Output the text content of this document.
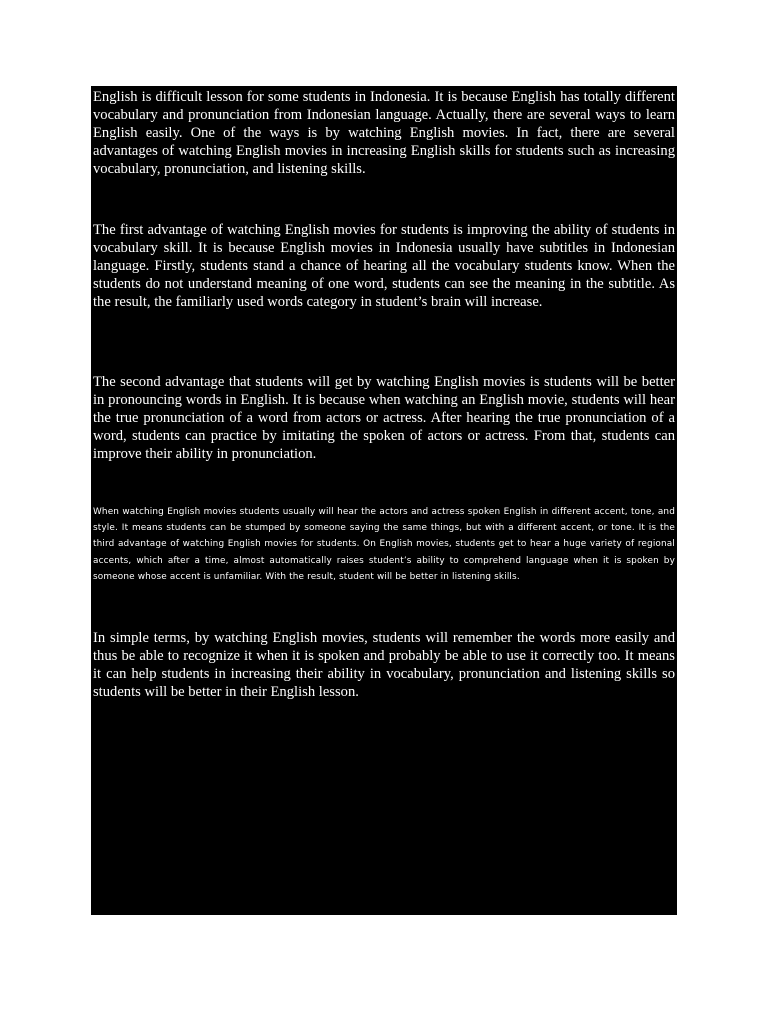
English is difficult lesson for some students in Indonesia. It is because English has totally different vocabulary and pronunciation from Indonesian language. Actually, there are several ways to learn English easily. One of the ways is by watching English movies. In fact, there are several advantages of watching English movies in increasing English skills for students such as increasing vocabulary, pronunciation, and listening skills.

The first advantage of watching English movies for students is improving the ability of students in vocabulary skill. It is because English movies in Indonesia usually have subtitles in Indonesian language. Firstly, students stand a chance of hearing all the vocabulary students know. When the students do not understand meaning of one word, students can see the meaning in the subtitle. As the result, the familiarly used words category in student’s brain will increase.

The second advantage that students will get by watching English movies is students will be better in pronouncing words in English. It is because when watching an English movie, students will hear the true pronunciation of a word from actors or actress. After hearing the true pronunciation of a word, students can practice by imitating the spoken of actors or actress. From that, students can improve their ability in pronunciation.

When watching English movies students usually will hear the actors and actress spoken English in different accent, tone, and style. It means students can be stumped by someone saying the same things, but with a different accent, or tone. It is the third advantage of watching English movies for students. On English movies, students get to hear a huge variety of regional accents, which after a time, almost automatically raises student’s ability to comprehend language when it is spoken by someone whose accent is unfamiliar. With the result, student will be better in listening skills.

In simple terms, by watching English movies, students will remember the words more easily and thus be able to recognize it when it is spoken and probably be able to use it correctly too. It means it can help students in increasing their ability in vocabulary, pronunciation and listening skills so students will be better in their English lesson.
